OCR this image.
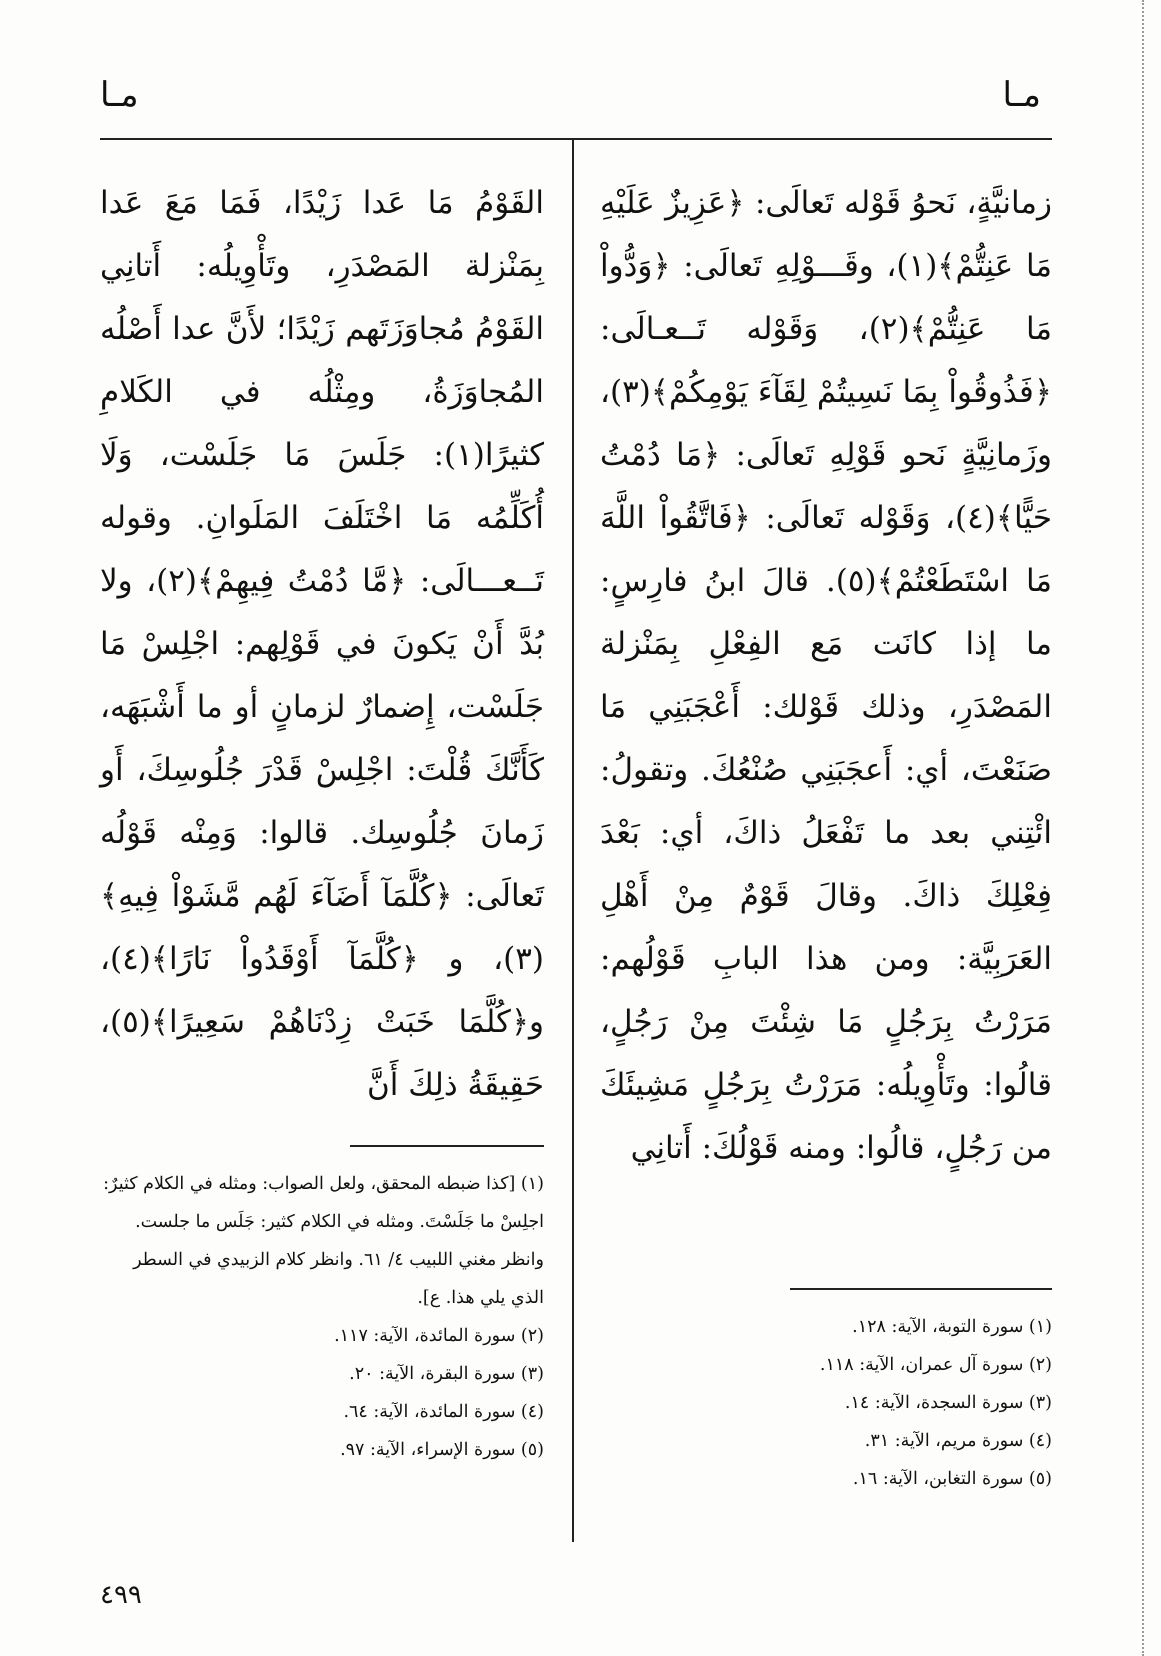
مـا
مـا
زمانيَّةٍ، نَحوُ قَوْله تَعالَى: ﴿عَزِيزٌ عَلَيْهِ مَا عَنِتُّمْ﴾(١)، وقَـــوْلِهِ تَعالَى: ﴿وَدُّواْ مَا عَنِتُّمْ﴾(٢)، وَقَوْله تَــعـالَى: ﴿فَذُوقُواْ بِمَا نَسِيتُمْ لِقَآءَ يَوْمِكُمْ﴾(٣)، وزَمانِيَّةٍ نَحو قَوْلِهِ تَعالَى: ﴿مَا دُمْتُ حَيًّا﴾(٤)، وَقَوْله تَعالَى: ﴿فَاتَّقُواْ اللَّهَ مَا اسْتَطَعْتُمْ﴾(٥). قالَ ابنُ فارِسٍ: ما إذا كانَت مَع الفِعْلِ بِمَنْزلة المَصْدَرِ، وذلك قَوْلك: أَعْجَبَنِي مَا صَنَعْتَ، أي: أَعجَبَنِي صُنْعُكَ. وتقولُ: ائْتِني بعد ما تَفْعَلُ ذاكَ، أي: بَعْدَ فِعْلِكَ ذاكَ. وقالَ قَوْمٌ مِنْ أَهْلِ العَرَبِيَّة: ومن هذا البابِ قَوْلُهم: مَرَرْتُ بِرَجُلٍ مَا شِئْتَ مِنْ رَجُلٍ، قالُوا: وتَأْوِيلُه: مَرَرْتُ بِرَجُلٍ مَشِيئَكَ من رَجُلٍ، قالُوا: ومنه قَوْلُكَ: أَتانِي
القَوْمُ مَا عَدا زَيْدًا، فَمَا مَعَ عَدا بِمَنْزلة المَصْدَرِ، وتَأْوِيلُه: أَتانِي القَوْمُ مُجاوَزَتَهم زَيْدًا؛ لأَنَّ عدا أَصْلُه المُجاوَزَةُ، ومِثْلُه في الكَلامِ كثيرًا(١): جَلَسَ مَا جَلَسْت، وَلَا أُكَلِّمُه مَا اخْتَلَفَ المَلَوانِ. وقوله تَــعـــالَى: ﴿مَّا دُمْتُ فِيهِمْ﴾(٢)، ولا بُدَّ أَنْ يَكونَ في قَوْلِهم: اجْلِسْ مَا جَلَسْت، إِضمارٌ لزمانٍ أو ما أَشْبَهَه، كَأَنَّكَ قُلْتَ: اجْلِسْ قَدْرَ جُلُوسِكَ، أَو زَمانَ جُلُوسِك. قالوا: وَمِنْه قَوْلُه تَعالَى: ﴿كُلَّمَآ أَضَآءَ لَهُم مَّشَوْاْ فِيهِ﴾(٣)، و ﴿كُلَّمَآ أَوْقَدُواْ نَارًا﴾(٤)، و﴿كُلَّمَا خَبَتْ زِدْنَاهُمْ سَعِيرًا﴾(٥)، حَقِيقَةُ ذلِكَ أَنَّ
(١) سورة التوبة، الآية: ١٢٨.
(٢) سورة آل عمران، الآية: ١١٨.
(٣) سورة السجدة، الآية: ١٤.
(٤) سورة مريم، الآية: ٣١.
(٥) سورة التغابن، الآية: ١٦.
(١) [كذا ضبطه المحقق، ولعل الصواب: ومثله في الكلام كثيرٌ: اجلِسْ ما جَلَسْتَ. ومثله في الكلام كثير: جَلَس ما جلست. وانظر مغني اللبيب ٤/ ٦١. وانظر كلام الزبيدي في السطر الذي يلي هذا. ع].
(٢) سورة المائدة، الآية: ١١٧.
(٣) سورة البقرة، الآية: ٢٠.
(٤) سورة المائدة، الآية: ٦٤.
(٥) سورة الإسراء، الآية: ٩٧.
٤٩٩
